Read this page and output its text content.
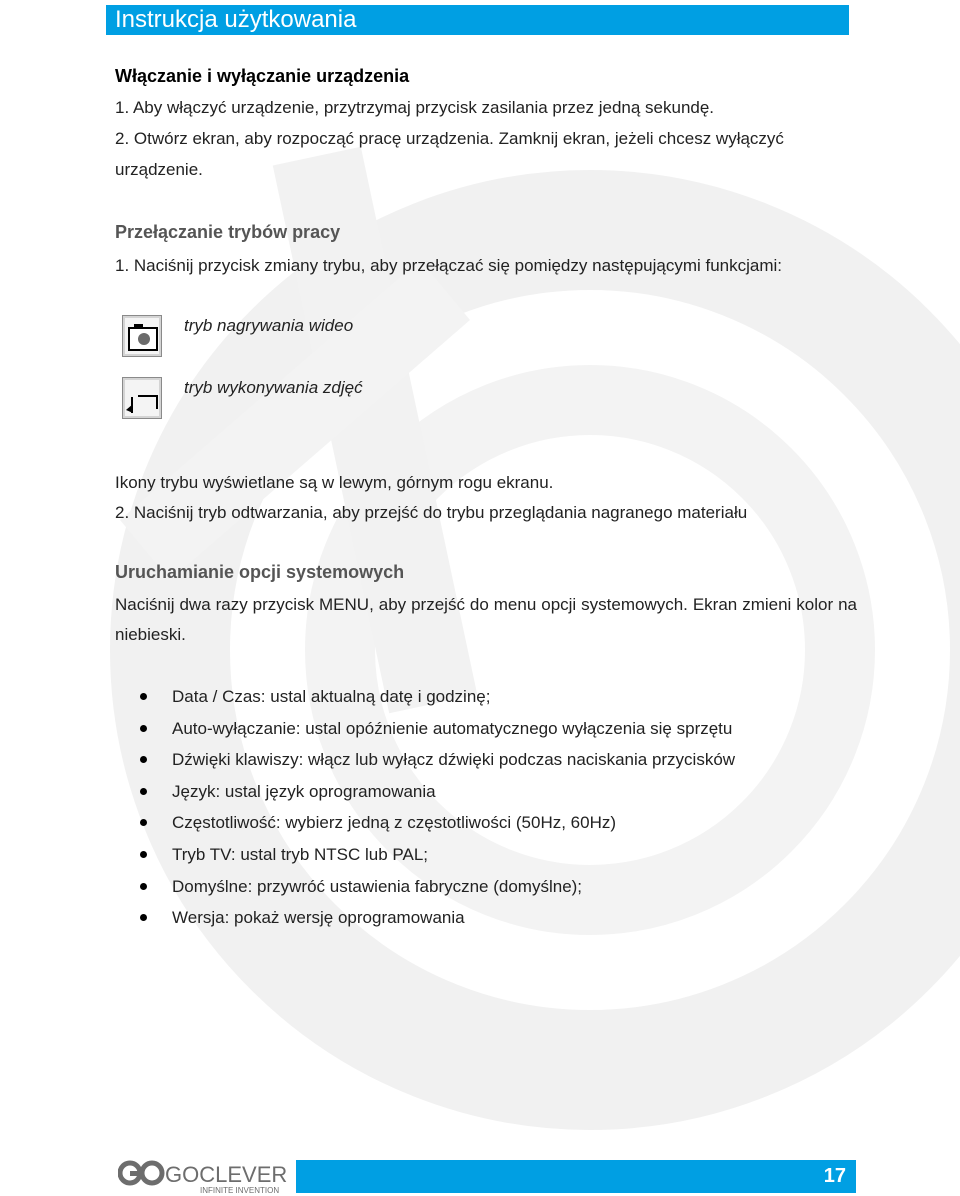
Instrukcja użytkowania
Włączanie i wyłączanie urządzenia
1. Aby włączyć urządzenie, przytrzymaj przycisk zasilania przez jedną sekundę.
2. Otwórz ekran, aby rozpocząć pracę urządzenia. Zamknij ekran, jeżeli chcesz wyłączyć
urządzenie.
Przełączanie trybów pracy
1. Naciśnij przycisk zmiany trybu, aby przełączać się pomiędzy następującymi funkcjami:
tryb nagrywania wideo
tryb wykonywania zdjęć
Ikony trybu wyświetlane są w lewym, górnym rogu ekranu.
2. Naciśnij tryb odtwarzania, aby przejść do trybu przeglądania nagranego materiału
Uruchamianie opcji systemowych
Naciśnij dwa razy przycisk MENU, aby przejść do menu opcji systemowych. Ekran zmieni kolor na niebieski.
Data / Czas: ustal aktualną datę i godzinę;
Auto-wyłączanie: ustal opóźnienie automatycznego wyłączenia się sprzętu
Dźwięki klawiszy: włącz lub wyłącz dźwięki podczas naciskania przycisków
Język: ustal język oprogramowania
Częstotliwość: wybierz jedną z częstotliwości (50Hz, 60Hz)
Tryb TV: ustal tryb NTSC lub PAL;
Domyślne: przywróć ustawienia fabryczne (domyślne);
Wersja: pokaż wersję oprogramowania
GOCLEVER
INFINITE INVENTION
17
